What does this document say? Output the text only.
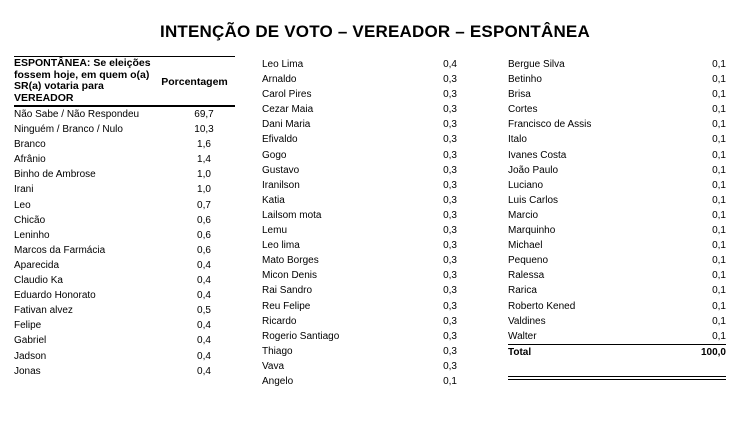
INTENÇÃO DE VOTO – VEREADOR – ESPONTÂNEA
ESPONTÂNEA: Se eleições fossem hoje, em quem o(a) SR(a) votaria para VEREADOR
Porcentagem
Não Sabe / Não Respondeu	69,7
Ninguém / Branco / Nulo	10,3
Branco	1,6
Afrânio	1,4
Binho de Ambrose	1,0
Irani	1,0
Leo	0,7
Chicão	0,6
Leninho	0,6
Marcos da Farmácia	0,6
Aparecida	0,4
Claudio Ka	0,4
Eduardo Honorato	0,4
Fativan alvez	0,5
Felipe	0,4
Gabriel	0,4
Jadson	0,4
Jonas	0,4
Leo Lima	0,4
Arnaldo	0,3
Carol Pires	0,3
Cezar Maia	0,3
Dani Maria	0,3
Efivaldo	0,3
Gogo	0,3
Gustavo	0,3
Iranilson	0,3
Katia	0,3
Lailsom mota	0,3
Lemu	0,3
Leo lima	0,3
Mato Borges	0,3
Micon Denis	0,3
Rai Sandro	0,3
Reu Felipe	0,3
Ricardo	0,3
Rogerio Santiago	0,3
Thiago	0,3
Vava	0,3
Angelo	0,1
Bergue Silva	0,1
Betinho	0,1
Brisa	0,1
Cortes	0,1
Francisco de Assis	0,1
Italo	0,1
Ivanes Costa	0,1
João Paulo	0,1
Luciano	0,1
Luis Carlos	0,1
Marcio	0,1
Marquinho	0,1
Michael	0,1
Pequeno	0,1
Ralessa	0,1
Rarica	0,1
Roberto Kened	0,1
Valdines	0,1
Walter	0,1
Total	100,0
